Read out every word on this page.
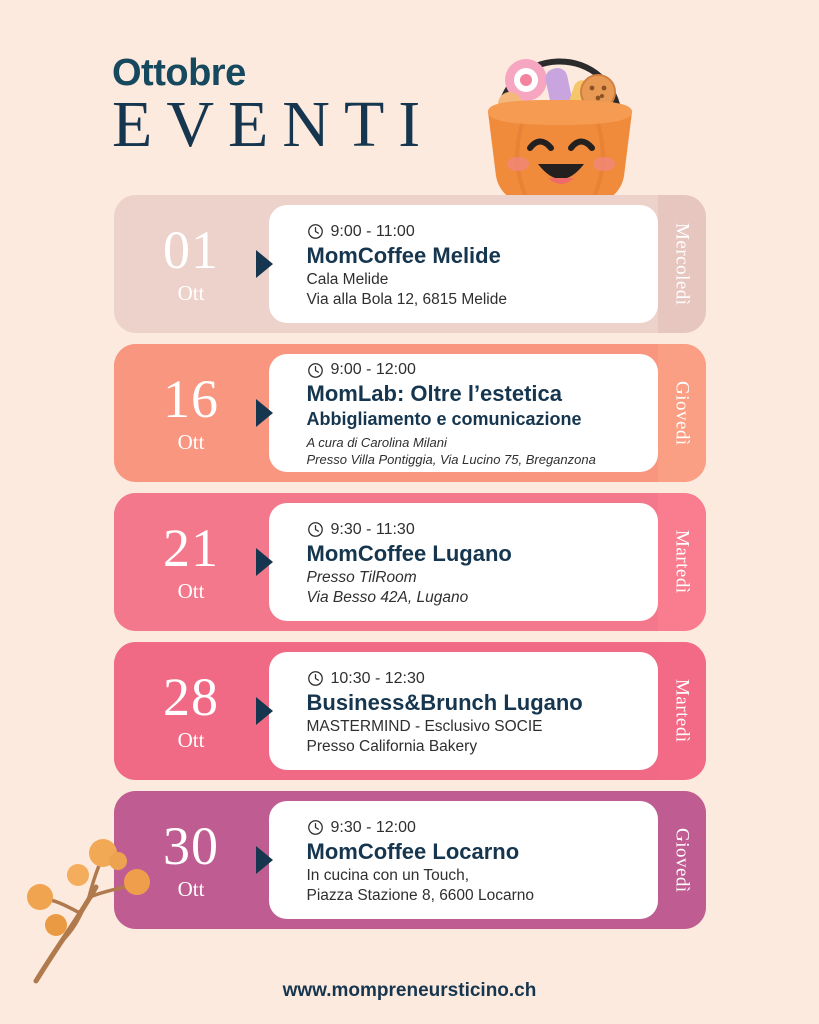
Ottobre
EVENTI
01
Ott
9:00 - 11:00
MomCoffee Melide
Cala Melide
Via alla Bola 12, 6815 Melide	Mercoledì
16
Ott
9:00 - 12:00
MomLab: Oltre l’estetica
Abbigliamento e comunicazione
A cura di Carolina Milani
Presso Villa Pontiggia, Via Lucino 75, Breganzona
Giovedì
21
Ott
9:30 - 11:30
MomCoffee Lugano
Presso TilRoom
Via Besso 42A, Lugano
Martedì
28
Ott
10:30 - 12:30
Business&Brunch Lugano
MASTERMIND - Esclusivo SOCIE
Presso California Bakery
Martedì
30
Ott
9:30 - 12:00
MomCoffee Locarno
In cucina con un Touch,
Piazza Stazione 8, 6600 Locarno
Giovedì
www.mompreneursticino.ch
